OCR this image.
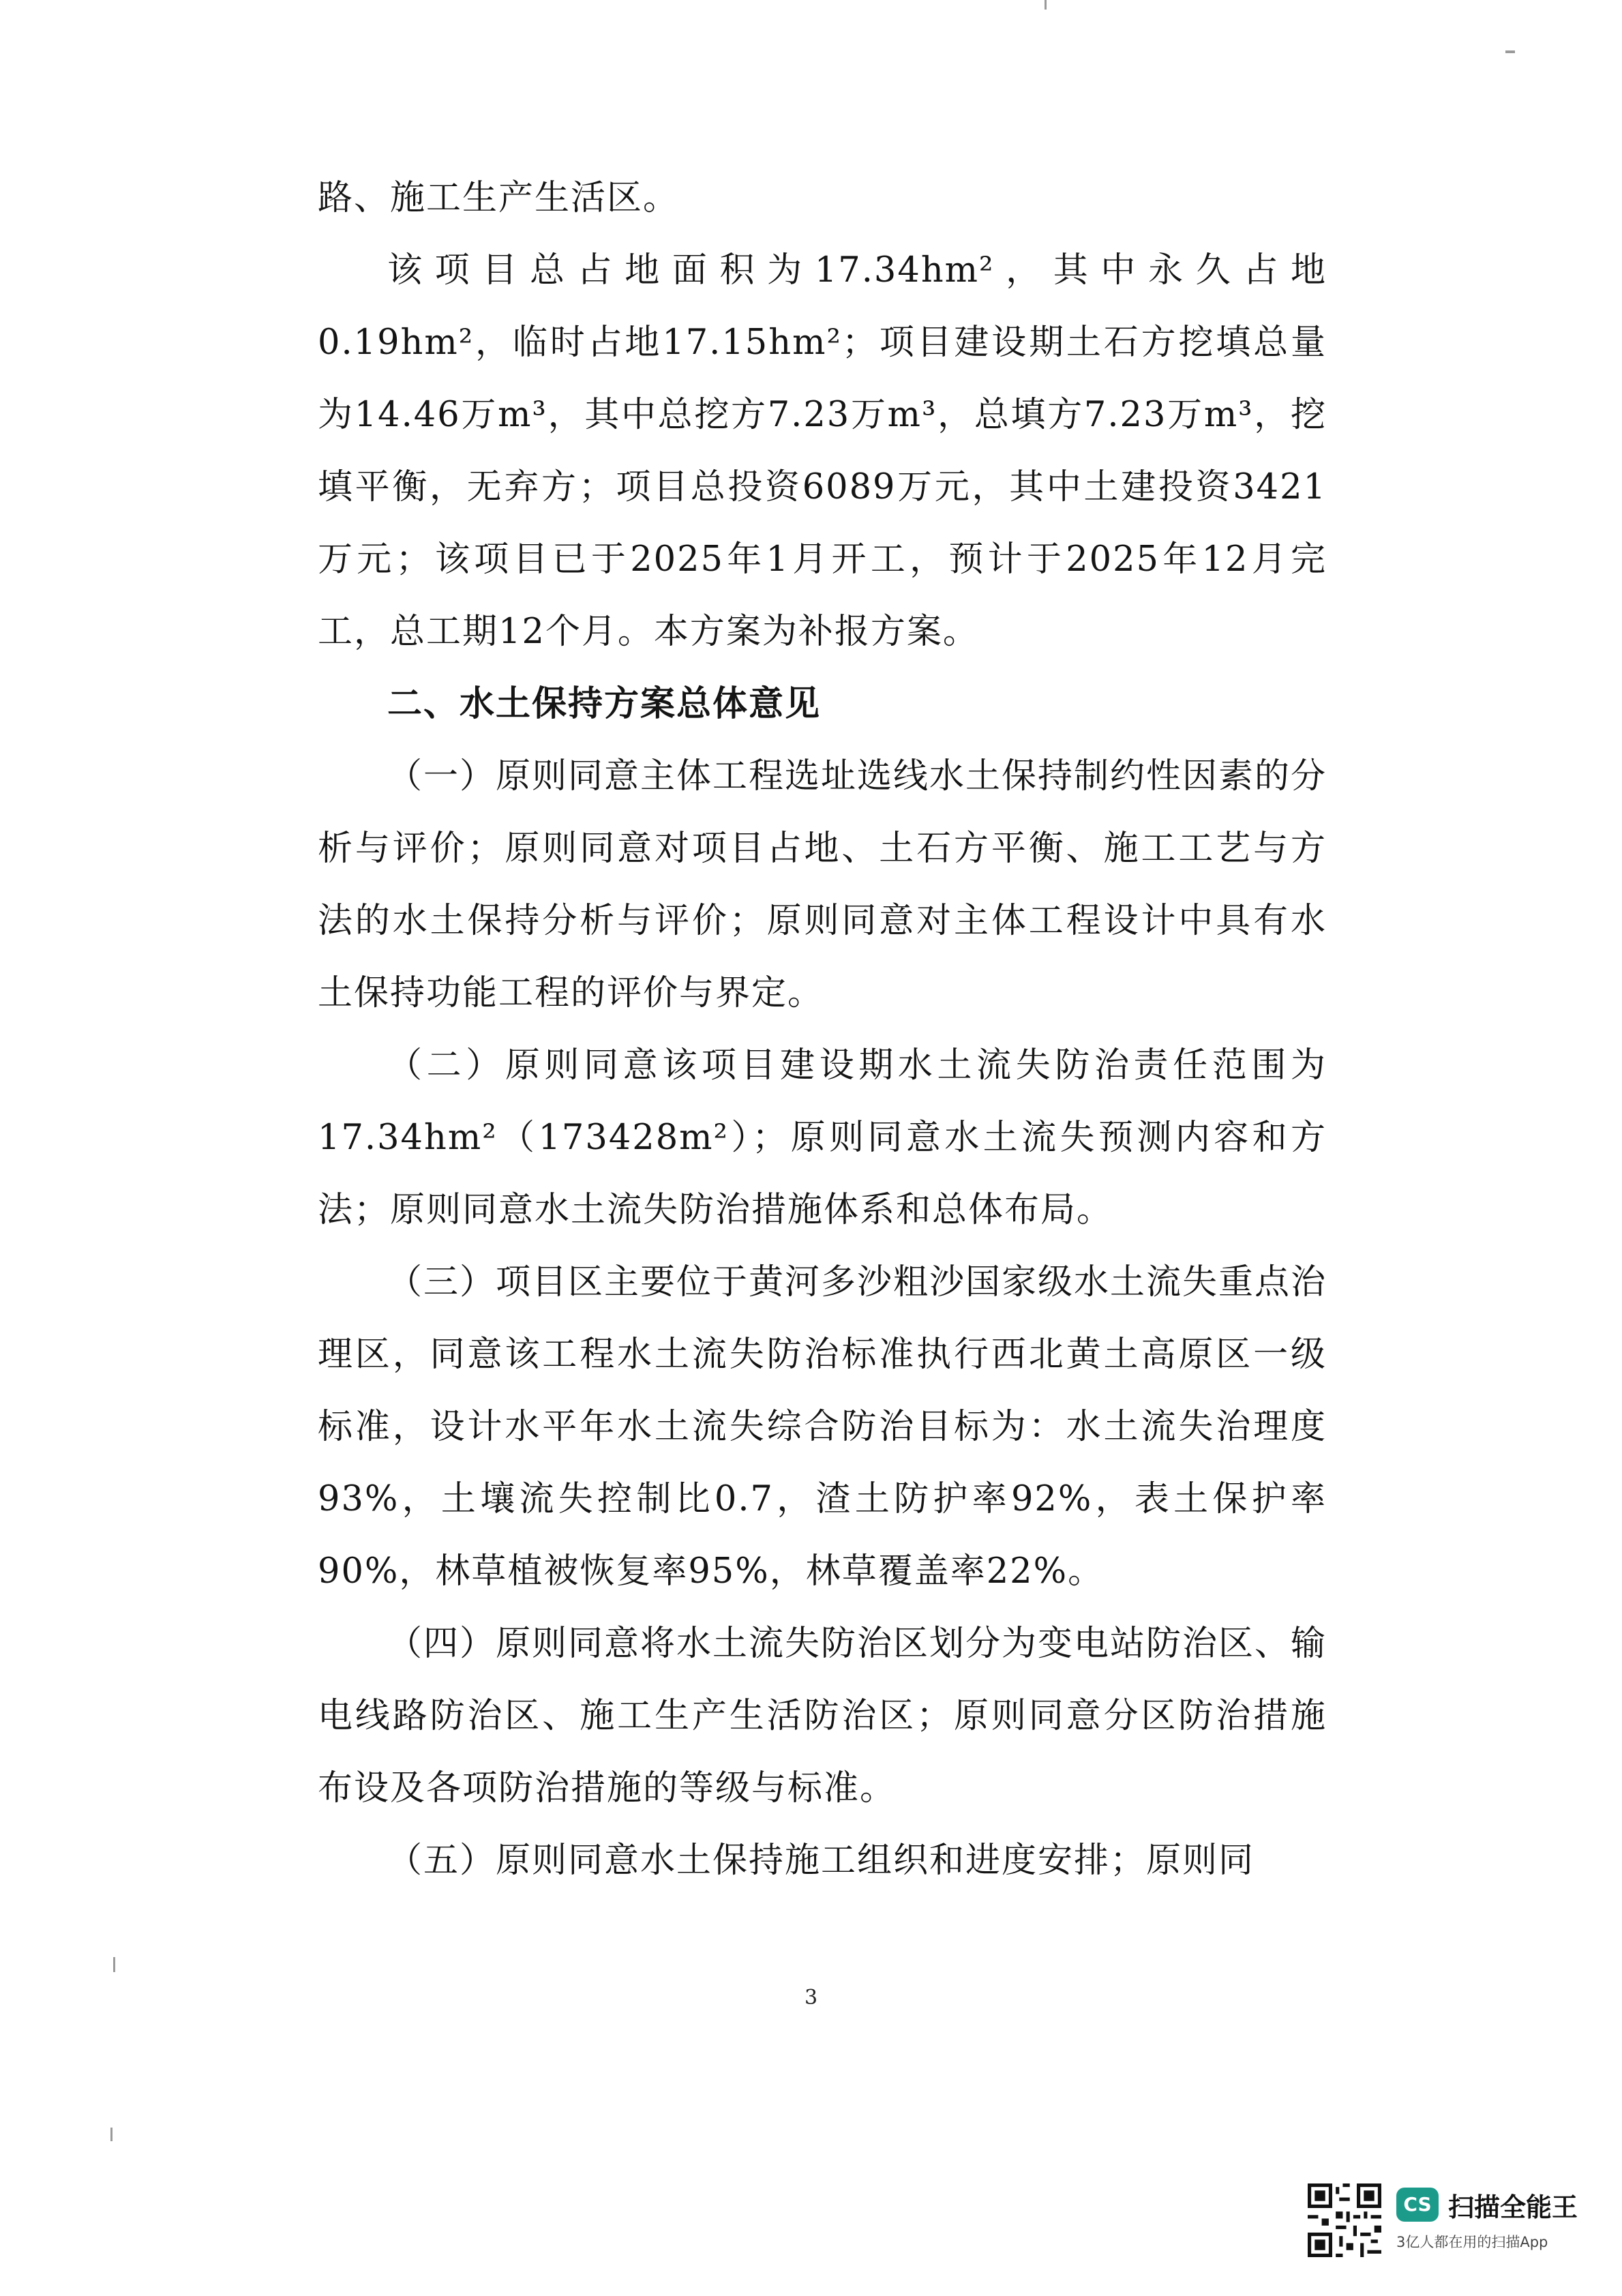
路、施工生产生活区。

该项目总占地面积为17.34hm²，其中永久占地0.19hm²，临时占地17.15hm²；项目建设期土石方挖填总量为14.46万m³，其中总挖方7.23万m³，总填方7.23万m³，挖填平衡，无弃方；项目总投资6089万元，其中土建投资3421万元；该项目已于2025年1月开工，预计于2025年12月完工，总工期12个月。本方案为补报方案。

二、水土保持方案总体意见

（一）原则同意主体工程选址选线水土保持制约性因素的分析与评价；原则同意对项目占地、土石方平衡、施工工艺与方法的水土保持分析与评价；原则同意对主体工程设计中具有水土保持功能工程的评价与界定。

（二）原则同意该项目建设期水土流失防治责任范围为17.34hm²（173428m²）；原则同意水土流失预测内容和方法；原则同意水土流失防治措施体系和总体布局。

（三）项目区主要位于黄河多沙粗沙国家级水土流失重点治理区，同意该工程水土流失防治标准执行西北黄土高原区一级标准，设计水平年水土流失综合防治目标为：水土流失治理度93%，土壤流失控制比0.7，渣土防护率92%，表土保护率90%，林草植被恢复率95%，林草覆盖率22%。

（四）原则同意将水土流失防治区划分为变电站防治区、输电线路防治区、施工生产生活防治区；原则同意分区防治措施布设及各项防治措施的等级与标准。

（五）原则同意水土保持施工组织和进度安排；原则同

3
CS 扫描全能王
3亿人都在用的扫描App
